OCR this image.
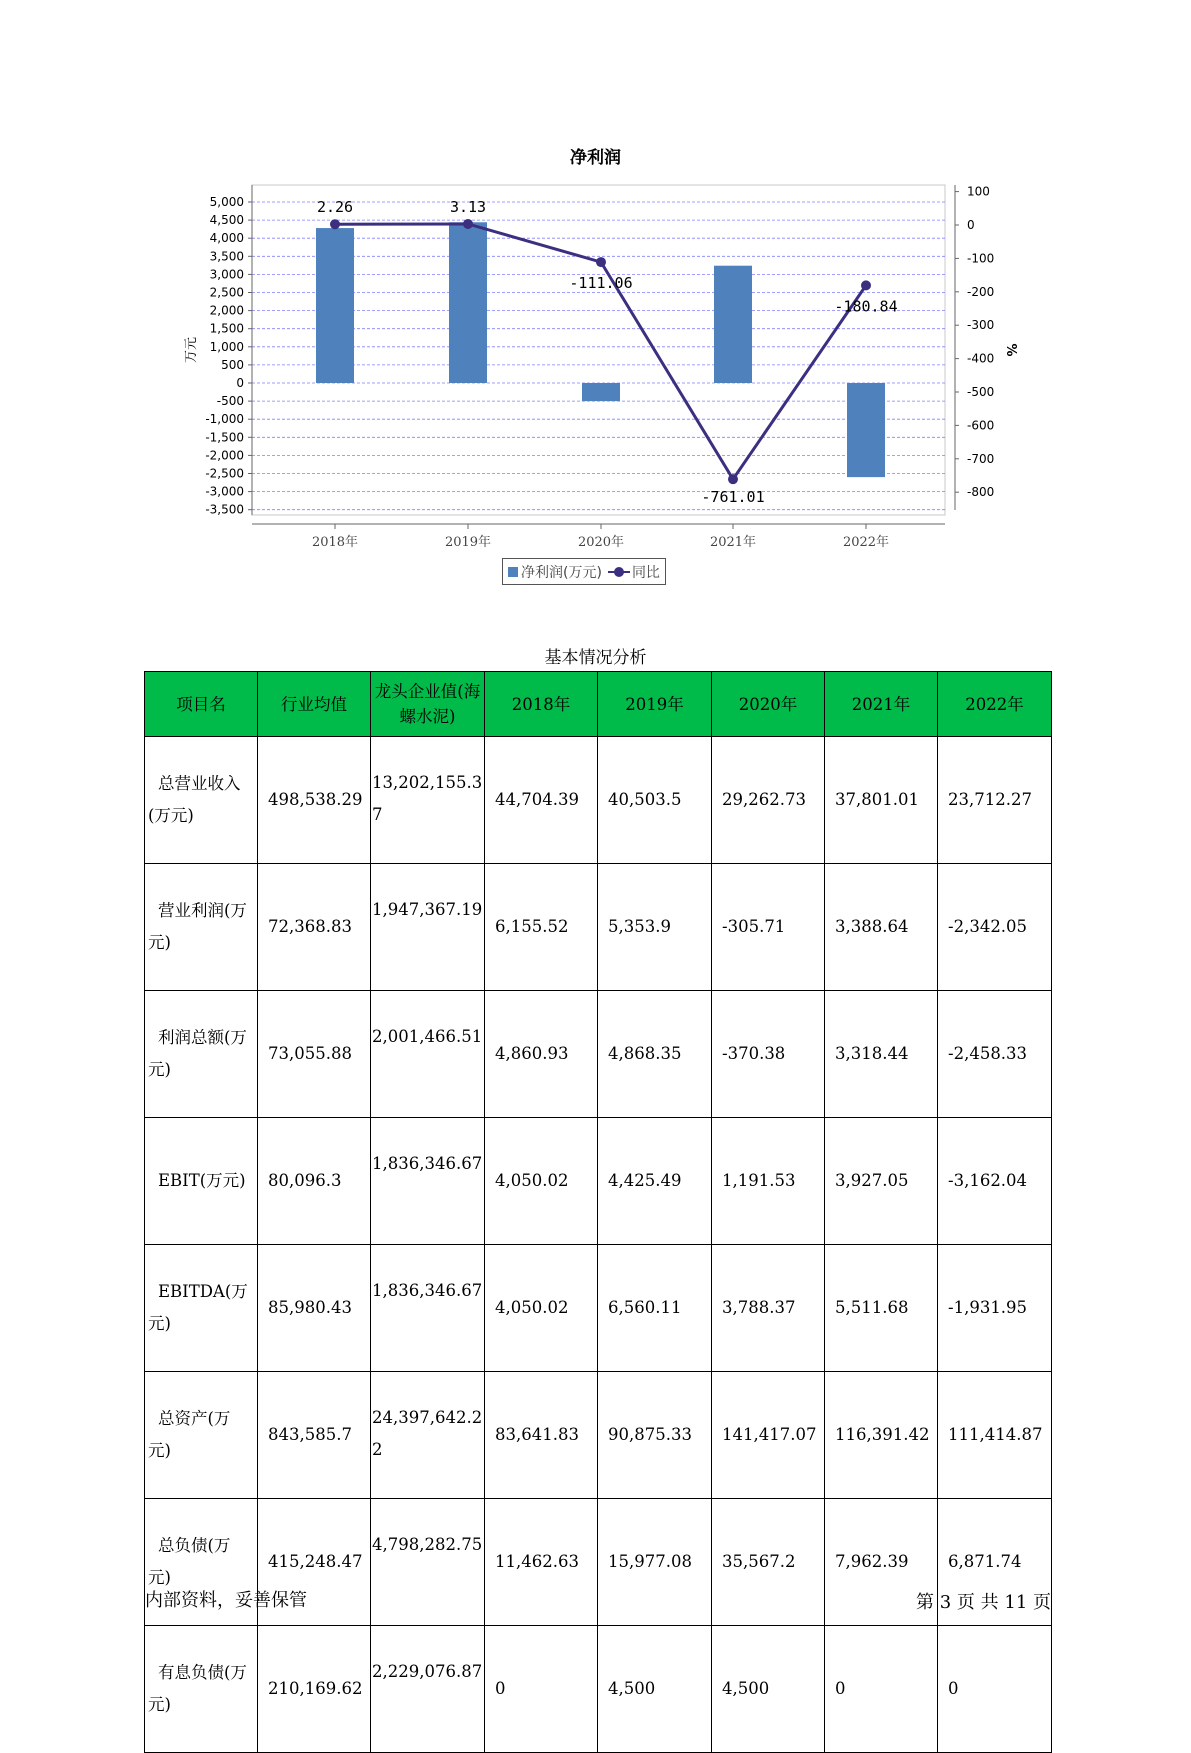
净利润
5,000
4,500
4,000
3,500
3,000
2,500
2,000
1,500
1,000
500
0
-500
-1,000
-1,500
-2,000
-2,500
-3,000
-3,500
100
0
-100
-200
-300
-400
-500
-600
-700
-800
万元	%
2018年	2019年	2020年	2021年	2022年
2.26	3.13
-111.06
-761.01
-180.84
净利润(万元) 同比
基本情况分析
项目名	行业均值	龙头企业值(海螺水泥)	2018年	2019年	2020年	2021年	2022年
总营业收入(万元)	498,538.29	13,202,155.37	44,704.39	40,503.5	29,262.73	37,801.01	23,712.27
营业利润(万元)	72,368.83	1,947,367.19	6,155.52	5,353.9	-305.71	3,388.64	-2,342.05
利润总额(万元)	73,055.88	2,001,466.51	4,860.93	4,868.35	-370.38	3,318.44	-2,458.33
EBIT(万元)	80,096.3	1,836,346.67	4,050.02	4,425.49	1,191.53	3,927.05	-3,162.04
EBITDA(万元)	85,980.43	1,836,346.67	4,050.02	6,560.11	3,788.37	5,511.68	-1,931.95
总资产(万元)	843,585.7	24,397,642.22	83,641.83	90,875.33	141,417.07	116,391.42	111,414.87
总负债(万元)	415,248.47	4,798,282.75	11,462.63	15,977.08	35,567.2	7,962.39	6,871.74
有息负债(万元)	210,169.62	2,229,076.87	0	4,500	4,500	0	0
内部资料，妥善保管	第 3 页 共 11 页
